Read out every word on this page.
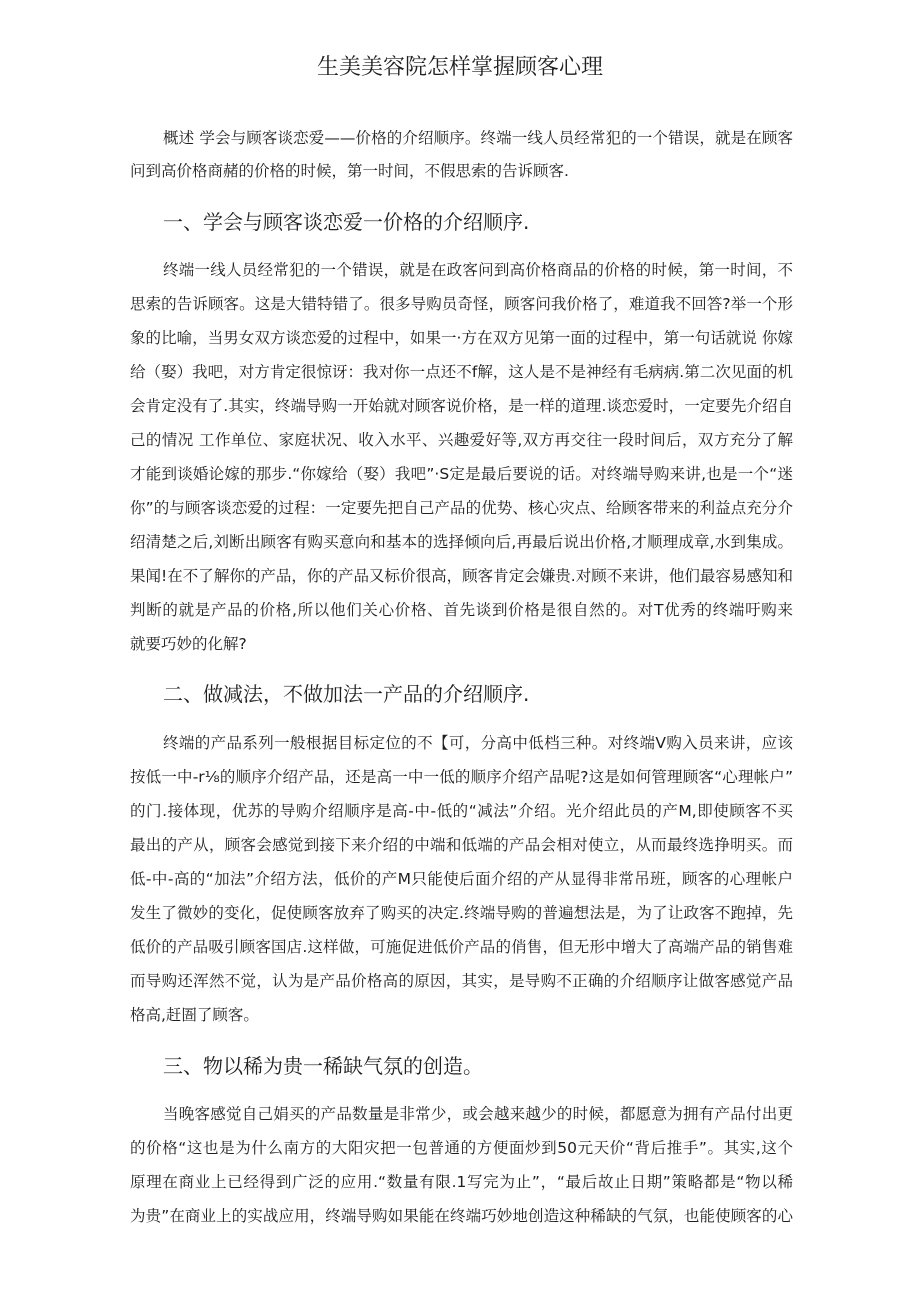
生美美容院怎样掌握顾客心理
概述 学会与顾客谈恋爱——价格的介绍顺序。终端一线人员经常犯的一个错误，就是在顾客
问到高价格商赭的价格的时候，第一时间，不假思索的告诉顾客.
一、学会与顾客谈恋爱一价格的介绍顺序.
终端一线人员经常犯的一个错误，就是在政客问到高价格商品的价格的时候，第一时间，不
思索的告诉顾客。这是大错特错了。很多导购员奇怪，顾客问我价格了，难道我不回答?举一个形
象的比喻，当男女双方谈恋爱的过程中，如果一·方在双方见第一面的过程中，第一句话就说 你嫁
给（娶）我吧，对方肯定很惊讶：我对你一点还不f解，这人是不是神经有毛病病.第二次见面的机
会肯定没有了.其实，终端导购一开始就对顾客说价格，是一样的道理.谈恋爱时，一定要先介绍自
己的情况 工作单位、家庭状况、收入水平、兴趣爱好等,双方再交往一段时间后，双方充分了解
才能到谈婚论嫁的那步.“你嫁给（娶）我吧”·S定是最后要说的话。对终端导购来讲,也是一个“迷
你”的与顾客谈恋爱的过程：一定要先把自己产品的优势、核心灾点、给顾客带来的利益点充分介
绍清楚之后,刘断出顾客有购买意向和基本的选择倾向后,再最后说出价格,才顺理成章,水到集成。
果闻!在不了解你的产品，你的产品又标价很高，顾客肯定会嫌贵.对顾不来讲，他们最容易感知和
判断的就是产品的价格,所以他们关心价格、首先谈到价格是很自然的。对T优秀的终端吁购来
就要巧妙的化解?
二、做减法，不做加法一产品的介绍顺序.
终端的产品系列一般根据目标定位的不【可，分高中低档三种。对终端V购入员来讲，应该
按低一中-r⅛的顺序介绍产品，还是高一中一低的顺序介绍产品呢?这是如何管理顾客“心理帐户”
的门.接体现，优苏的导购介绍顺序是高-中-低的“减法”介绍。光介绍此员的产M,即使顾客不买
最出的产从，顾客会感觉到接下来介绍的中端和低端的产品会相对使立，从而最终选挣明买。而
低-中-高的“加法”介绍方法，低价的产M只能使后面介绍的产从显得非常吊班，顾客的心理帐户
发生了微妙的变化，促使顾客放弃了购买的决定.终端导购的普遍想法是，为了让政客不跑掉，先
低价的产品吸引顾客国店.这样做，可施促进低价产品的俏售，但无形中增大了高端产品的销售难
而导购还浑然不觉，认为是产品价格高的原因，其实，是导购不正确的介绍顺序让做客感觉产品
格高,赶圄了顾客。
三、物以稀为贵一稀缺气氛的创造。
当晚客感觉自己娟买的产品数量是非常少，或会越来越少的时候，都愿意为拥有产品付出更
的价格“这也是为什么南方的大阳灾把一包普通的方便面炒到50元天价“背后推手”。其实,这个
原理在商业上已经得到广泛的应用.“数量有限.1写完为止”，“最后故止日期”策略都是“物以稀
为贵”在商业上的实战应用，终端导购如果能在终端巧妙地创造这种稀缺的气氛，也能使顾客的心
